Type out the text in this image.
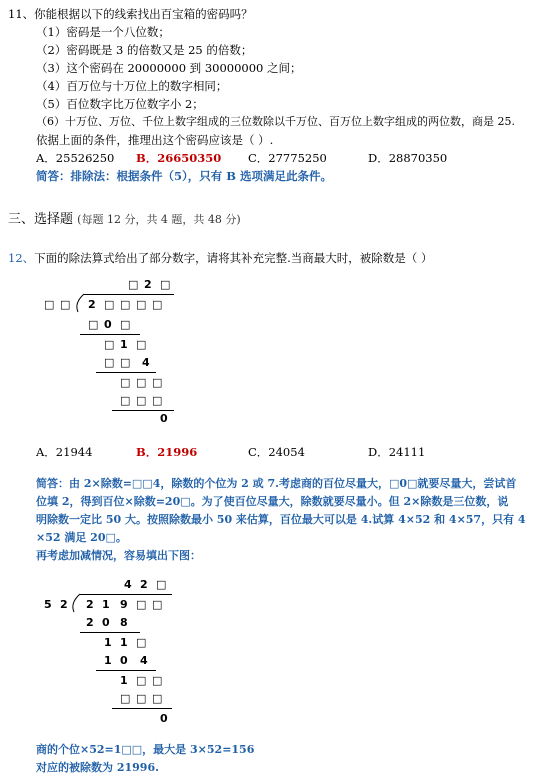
11、你能根据以下的线索找出百宝箱的密码吗？
（1）密码是一个八位数；
（2）密码既是 3 的倍数又是 25 的倍数；
（3）这个密码在 20000000 到 30000000 之间；
（4）百万位与十万位上的数字相同；
（5）百位数字比万位数字小 2；
（6）十万位、万位、千位上数字组成的三位数除以千万位、百万位上数字组成的两位数，商是 25.
依据上面的条件，推理出这个密码应该是（ ）.
A．25526250 B．26650350 C．27775250	D．28870350
简答：排除法：根据条件（5），只有 B 选项满足此条件。
三、选择题 (每题 12 分，共 4 题，共 48 分)
12、下面的除法算式给出了部分数字，请将其补充完整.当商最大时，被除数是（ ）
□ 2 □
□ □ 2 □ □ □ □
□ 0 □
□ 1 □
□ □ 4
□ □ □
□ □ □
0
A．21944	B．21996	C．24054	D．24111
简答：由 2×除数=□□4，除数的个位为 2 或 7.考虑商的百位尽量大，□0□就要尽量大，尝试首
位填 2，得到百位×除数=20□。为了使百位尽量大，除数就要尽量小。但 2×除数是三位数，说
明除数一定比 50 大。按照除数最小 50 来估算，百位最大可以是 4.试算 4×52 和 4×57，只有 4
×52 满足 20□。
再考虑加减情况，容易填出下图：
4 2 □
5 2 2 1 9 □ □
2 0 8
1 1 □
1 0 4
1 □ □
□ □ □
0
商的个位×52=1□□，最大是 3×52=156
对应的被除数为 21996.
